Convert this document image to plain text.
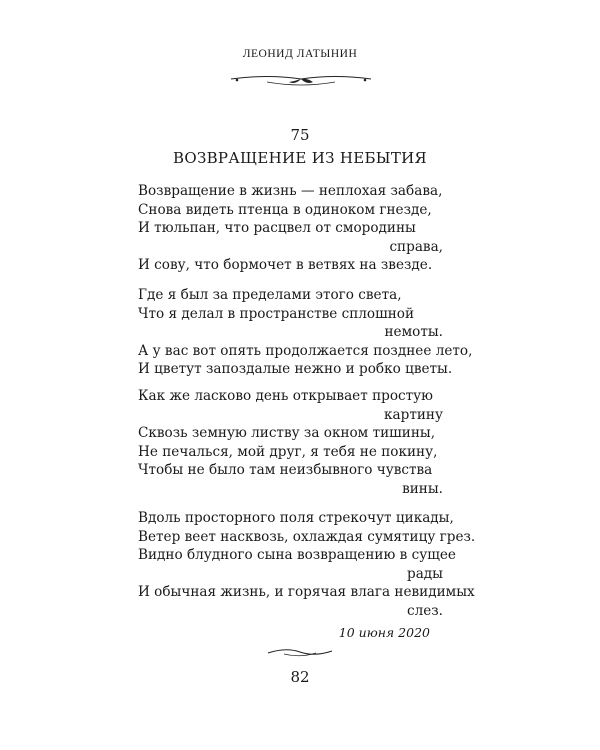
ЛЕОНИД ЛАТЫНИН
75
ВОЗВРАЩЕНИЕ ИЗ НЕБЫТИЯ
Возвращение в жизнь — неплохая забава,
Снова видеть птенца в одиноком гнезде,
И тюльпан, что расцвел от смородины
справа,
И сову, что бормочет в ветвях на звезде.
Где я был за пределами этого света,
Что я делал в пространстве сплошной
немоты.
А у вас вот опять продолжается позднее лето,
И цветут запоздалые нежно и робко цветы.
Как же ласково день открывает простую
картину
Сквозь земную листву за окном тишины,
Не печалься, мой друг, я тебя не покину,
Чтобы не было там неизбывного чувства
вины.
Вдоль просторного поля стрекочут цикады,
Ветер веет насквозь, охлаждая сумятицу грез.
Видно блудного сына возвращению в сущее
рады
И обычная жизнь, и горячая влага невидимых
слез.
10 июня 2020
82
